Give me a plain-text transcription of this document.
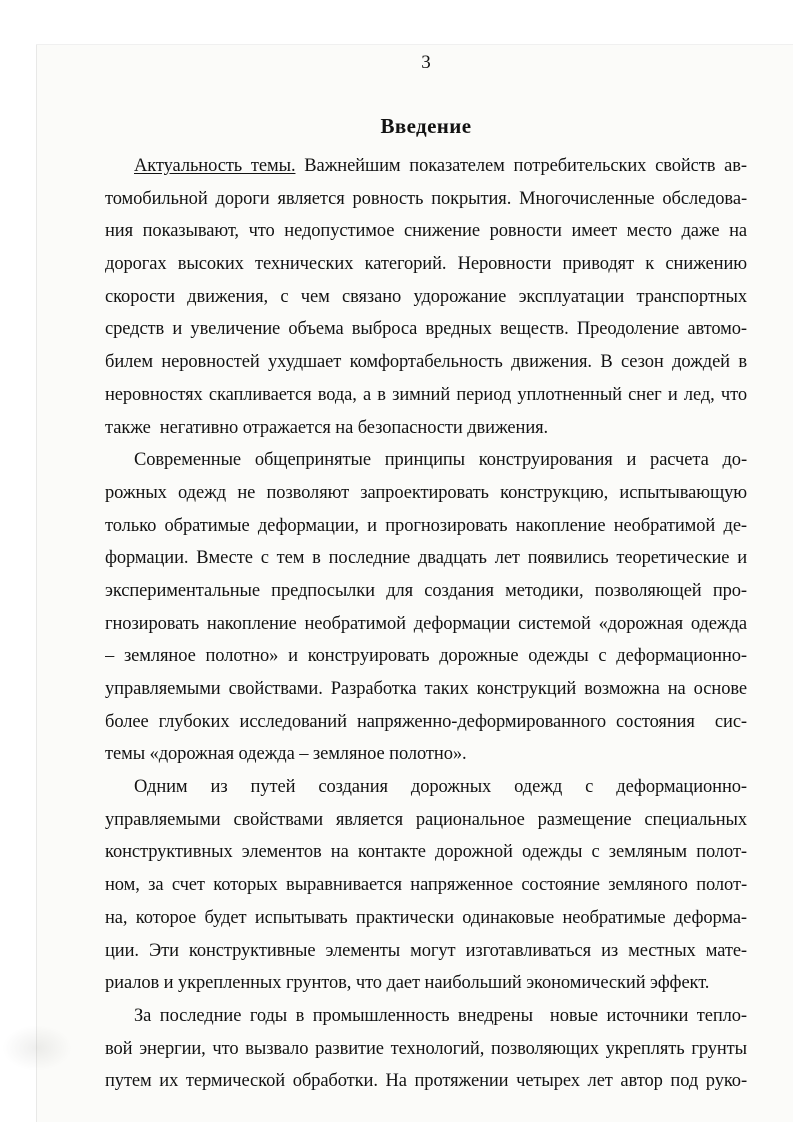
3
Введение
Актуальность темы. Важнейшим показателем потребительских свойств ав-
томобильной дороги является ровность покрытия. Многочисленные обследова-
ния показывают, что недопустимое снижение ровности имеет место даже на
дорогах высоких технических категорий. Неровности приводят к снижению
скорости движения, с чем связано удорожание эксплуатации транспортных
средств и увеличение объема выброса вредных веществ. Преодоление автомо-
билем неровностей ухудшает комфортабельность движения. В сезон дождей в
неровностях скапливается вода, а в зимний период уплотненный снег и лед, что
также  негативно отражается на безопасности движения.
Современные общепринятые принципы конструирования и расчета до-
рожных одежд не позволяют запроектировать конструкцию, испытывающую
только обратимые деформации, и прогнозировать накопление необратимой де-
формации. Вместе с тем в последние двадцать лет появились теоретические и
экспериментальные предпосылки для создания методики, позволяющей про-
гнозировать накопление необратимой деформации системой «дорожная одежда
– земляное полотно» и конструировать дорожные одежды с деформационно-
управляемыми свойствами. Разработка таких конструкций возможна на основе
более глубоких исследований напряженно-деформированного состояния  сис-
темы «дорожная одежда – земляное полотно».
Одним из путей создания дорожных одежд с деформационно-
управляемыми свойствами является рациональное размещение специальных
конструктивных элементов на контакте дорожной одежды с земляным полот-
ном, за счет которых выравнивается напряженное состояние земляного полот-
на, которое будет испытывать практически одинаковые необратимые деформа-
ции. Эти конструктивные элементы могут изготавливаться из местных мате-
риалов и укрепленных грунтов, что дает наибольший экономический эффект.
За последние годы в промышленность внедрены  новые источники тепло-
вой энергии, что вызвало развитие технологий, позволяющих укреплять грунты
путем их термической обработки. На протяжении четырех лет автор под руко-
